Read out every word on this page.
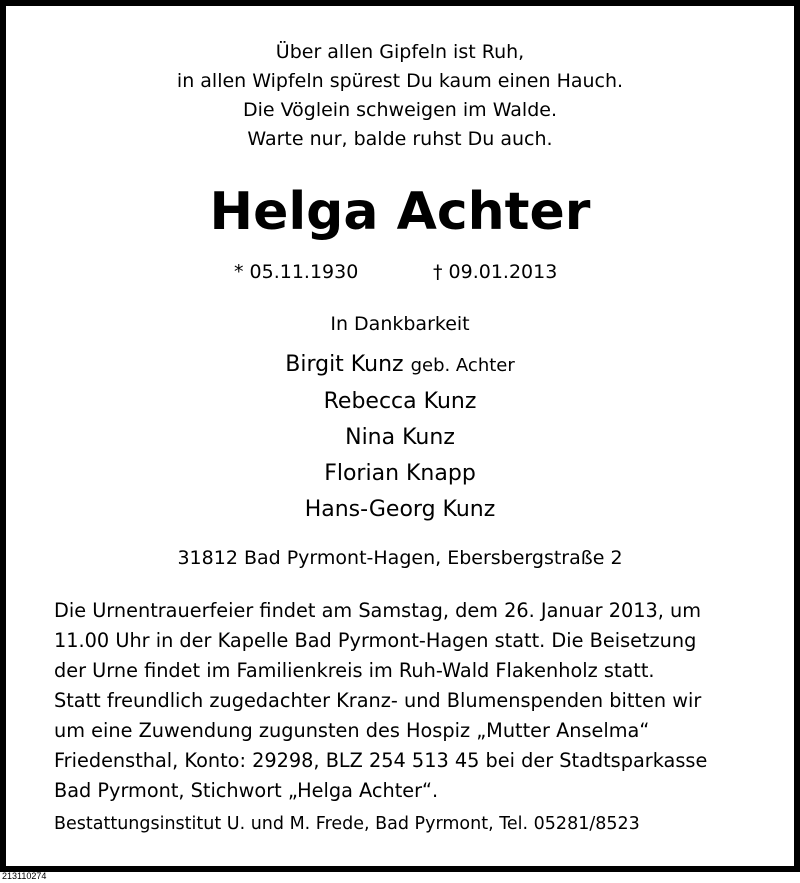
Über allen Gipfeln ist Ruh,
in allen Wipfeln spürest Du kaum einen Hauch.
Die Vöglein schweigen im Walde.
Warte nur, balde ruhst Du auch.
Helga Achter
* 05.11.1930	† 09.01.2013
In Dankbarkeit
Birgit Kunz geb. Achter
Rebecca Kunz
Nina Kunz
Florian Knapp
Hans-Georg Kunz
31812 Bad Pyrmont-Hagen, Ebersbergstraße 2
Die Urnentrauerfeier findet am Samstag, dem 26. Januar 2013, um
11.00 Uhr in der Kapelle Bad Pyrmont-Hagen statt. Die Beisetzung
der Urne findet im Familienkreis im Ruh-Wald Flakenholz statt.
Statt freundlich zugedachter Kranz- und Blumenspenden bitten wir
um eine Zuwendung zugunsten des Hospiz „Mutter Anselma“
Friedensthal, Konto: 29298, BLZ 254 513 45 bei der Stadtsparkasse
Bad Pyrmont, Stichwort „Helga Achter“.
Bestattungsinstitut U. und M. Frede, Bad Pyrmont, Tel. 05281/8523
213110274
